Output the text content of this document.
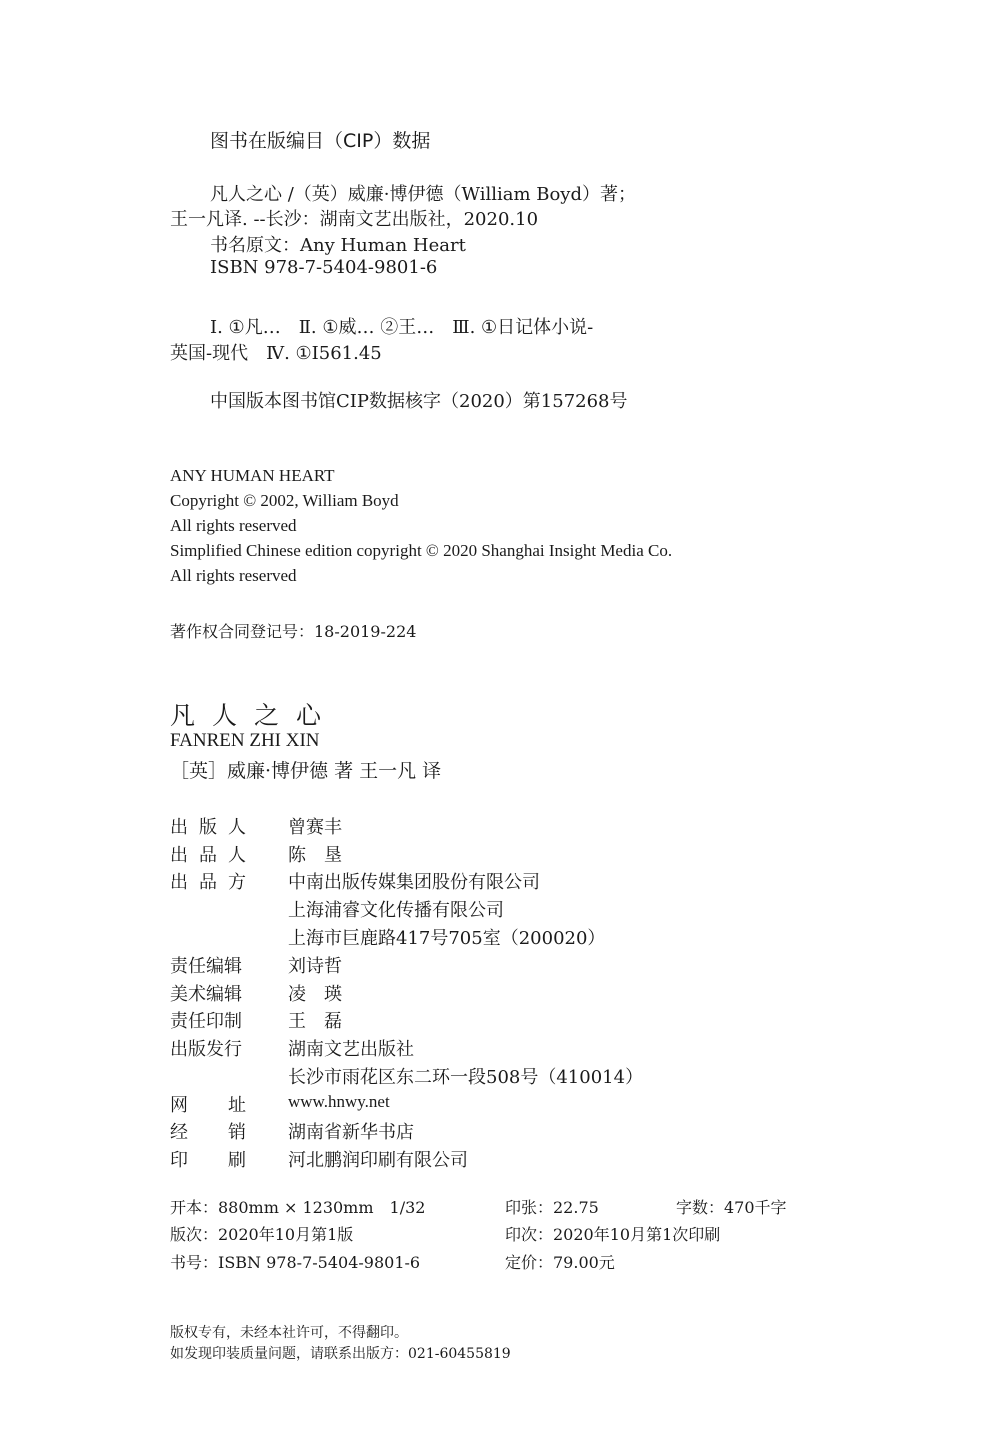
图书在版编目（CIP）数据
凡人之心 /（英）威廉·博伊德（William Boyd）著；
王一凡译. --长沙：湖南文艺出版社，2020.10
书名原文：Any Human Heart
ISBN 978-7-5404-9801-6
Ⅰ. ①凡…　Ⅱ. ①威… ②王…　Ⅲ. ①日记体小说-
英国-现代　Ⅳ. ①I561.45
中国版本图书馆CIP数据核字（2020）第157268号
ANY HUMAN HEART
Copyright © 2002, William Boyd
All rights reserved
Simplified Chinese edition copyright © 2020 Shanghai Insight Media Co.
All rights reserved
著作权合同登记号：18-2019-224
凡人之心
FANREN ZHI XIN
［英］威廉·博伊德 著 王一凡 译
出 版 人 曾赛丰
出 品 人 陈　垦
出 品 方 中南出版传媒集团股份有限公司
上海浦睿文化传播有限公司
上海市巨鹿路417号705室（200020）
责任编辑	刘诗哲
美术编辑	凌　瑛
责任印制	王　磊
出版发行	湖南文艺出版社
长沙市雨花区东二环一段508号（410014）
网 址 www.hnwy.net
经 销 湖南省新华书店
印 刷 河北鹏润印刷有限公司
开本：880mm × 1230mm　1/32	印张：22.75	字数：470千字
版次：2020年10月第1版	印次：2020年10月第1次印刷
书号：ISBN 978-7-5404-9801-6	定价：79.00元
版权专有，未经本社许可，不得翻印。
如发现印装质量问题，请联系出版方：021-60455819
